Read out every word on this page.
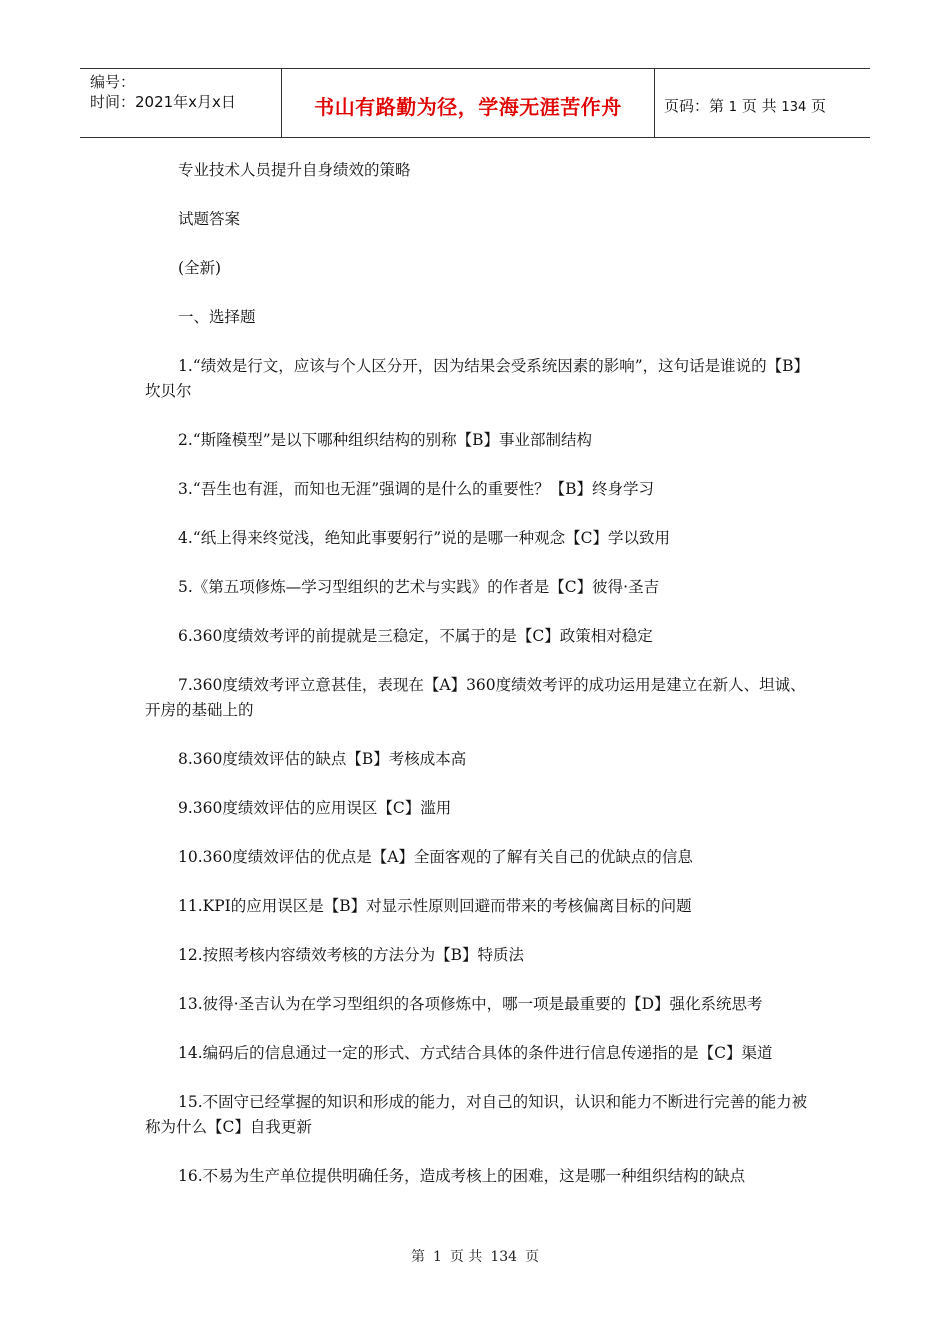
编号：
时间：2021年x月x日	书山有路勤为径，学海无涯苦作舟	页码：第 1 页 共 134 页

专业技术人员提升自身绩效的策略

试题答案

(全新)

一、选择题

1.“绩效是行文，应该与个人区分开，因为结果会受系统因素的影响”，这句话是谁说的【B】坎贝尔

2.“斯隆模型”是以下哪种组织结构的别称【B】事业部制结构

3.“吾生也有涯，而知也无涯”强调的是什么的重要性？【B】终身学习

4.“纸上得来终觉浅，绝知此事要躬行”说的是哪一种观念【C】学以致用

5.《第五项修炼—学习型组织的艺术与实践》的作者是【C】彼得·圣吉

6.360度绩效考评的前提就是三稳定，不属于的是【C】政策相对稳定

7.360度绩效考评立意甚佳，表现在【A】360度绩效考评的成功运用是建立在新人、坦诚、开房的基础上的

8.360度绩效评估的缺点【B】考核成本高

9.360度绩效评估的应用误区【C】滥用

10.360度绩效评估的优点是【A】全面客观的了解有关自己的优缺点的信息

11.KPI的应用误区是【B】对显示性原则回避而带来的考核偏离目标的问题

12.按照考核内容绩效考核的方法分为【B】特质法

13.彼得·圣吉认为在学习型组织的各项修炼中，哪一项是最重要的【D】强化系统思考

14.编码后的信息通过一定的形式、方式结合具体的条件进行信息传递指的是【C】渠道

15.不固守已经掌握的知识和形成的能力，对自己的知识，认识和能力不断进行完善的能力被称为什么【C】自我更新

16.不易为生产单位提供明确任务，造成考核上的困难，这是哪一种组织结构的缺点

第 1 页 共 134 页
